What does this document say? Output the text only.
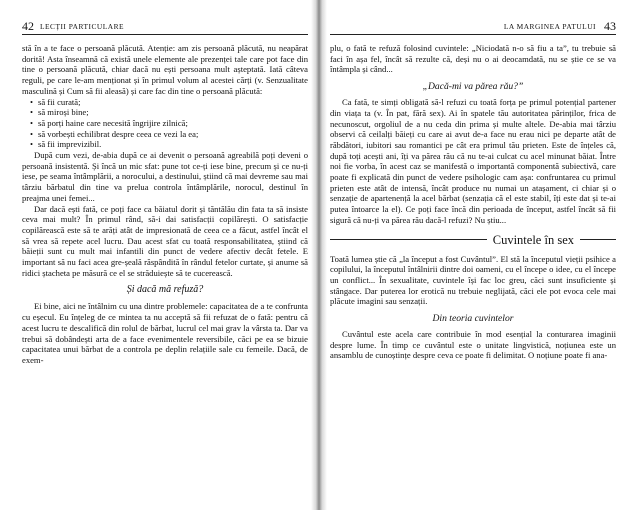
42 LECȚII PARTICULARE

stă în a te face o persoană plăcută. Atenție: am zis persoană plăcută, nu neapărat dorită! Asta înseamnă că există unele elemente ale prezenței tale care pot face din tine o persoană plăcută, chiar dacă nu ești persoana mult așteptată. Iată câteva reguli, pe care le-am menționat și în primul volum al acestei cărți (v. Senzualitate masculină și Cum să fii aleasă) și care fac din tine o persoană plăcută:

• să fii curată;
• să miroși bine;
• să porți haine care necesită îngrijire zilnică;
• să vorbești echilibrat despre ceea ce vezi la ea;
• să fii imprevizibil.

După cum vezi, de-abia după ce ai devenit o persoană agreabilă poți deveni o persoană insistentă. Și încă un mic sfat: pune tot ce-ți iese bine, precum și ce nu-ți iese, pe seama întâmplării, a norocului, a destinului, știind că mai devreme sau mai târziu bărbatul din tine va prelua controla întâmplările, norocul, destinul în preajma unei femei...

Dar dacă ești fată, ce poți face ca băiatul dorit și tăntălău din fata ta să insiste ceva mai mult? În primul rând, să-i dai satisfacții copilărești. O satisfacție copilărească este să te arăți atât de impresionată de ceea ce a făcut, astfel încât el să vrea să repete acel lucru. Dau acest sfat cu toată responsabilitatea, știind că băieții sunt cu mult mai infantili din punct de vedere afectiv decât fetele. E important să nu faci acea gre-șeală răspândită în rândul fetelor curtate, și anume să ridici ștacheta pe măsură ce el se străduiește să te cucerească.

Și dacă mă refuză?

Ei bine, aici ne întâlnim cu una dintre problemele: capacitatea de a te confrunta cu eșecul. Eu înțeleg de ce mintea ta nu acceptă să fii refuzat de o fată: pentru că acest lucru te descalifică din rolul de bărbat, lucrul cel mai grav la vârsta ta. Dar va trebui să dobândești arta de a face evenimentele reversibile, căci pe ea se bizuie capacitatea unui bărbat de a controla pe deplin relațiile sale cu femeile. Dacă, de exem-

LA MARGINEA PATULUI 43

plu, o fată te refuză folosind cuvintele: „Niciodată n-o să fiu a ta”, tu trebuie să faci în așa fel, încât să rezulte că, deși nu o ai deocamdată, nu se știe ce se va întâmpla și când...

„Dacă-mi va părea rău?”

Ca fată, te simți obligată să-l refuzi cu toată forța pe primul potențial partener din viața ta (v. În pat, fără sex). Ai în spatele tău autoritatea părinților, frica de necunoscut, orgoliul de a nu ceda din prima și multe altele. De-abia mai târziu observi că ceilalți băieți cu care ai avut de-a face nu erau nici pe departe atât de răbdători, iubitori sau romantici pe cât era primul tău prieten. Este de înțeles că, după toți acești ani, îți va părea rău că nu te-ai culcat cu acel minunat băiat. Între noi fie vorba, în acest caz se manifestă o importantă componentă subiectivă, care poate fi explicată din punct de vedere psihologic cam așa: confruntarea cu primul prieten este atât de intensă, încât produce nu numai un atașament, ci chiar și o senzație de apartenență la acel bărbat (senzația că el este stabil, îți este dat și te-ai putea întoarce la el). Ce poți face încă din perioada de început, astfel încât să fii sigură că nu-ți va părea rău dacă-l refuzi? Nu știu...

Cuvintele în sex

Toată lumea știe că „la început a fost Cuvântul”. El stă la începutul vieții psihice a copilului, la începutul întâlnirii dintre doi oameni, cu el începe o idee, cu el începe un conflict... În sexualitate, cuvintele își fac loc greu, căci sunt insuficiente și stângace. Dar puterea lor erotică nu trebuie neglijată, căci ele pot evoca cele mai plăcute imagini sau senzații.

Din teoria cuvintelor

Cuvântul este acela care contribuie în mod esențial la conturarea imaginii despre lume. În timp ce cuvântul este o unitate lingvistică, noțiunea este un ansamblu de cunoștințe despre ceva ce poate fi delimitat. O noțiune poate fi ana-
